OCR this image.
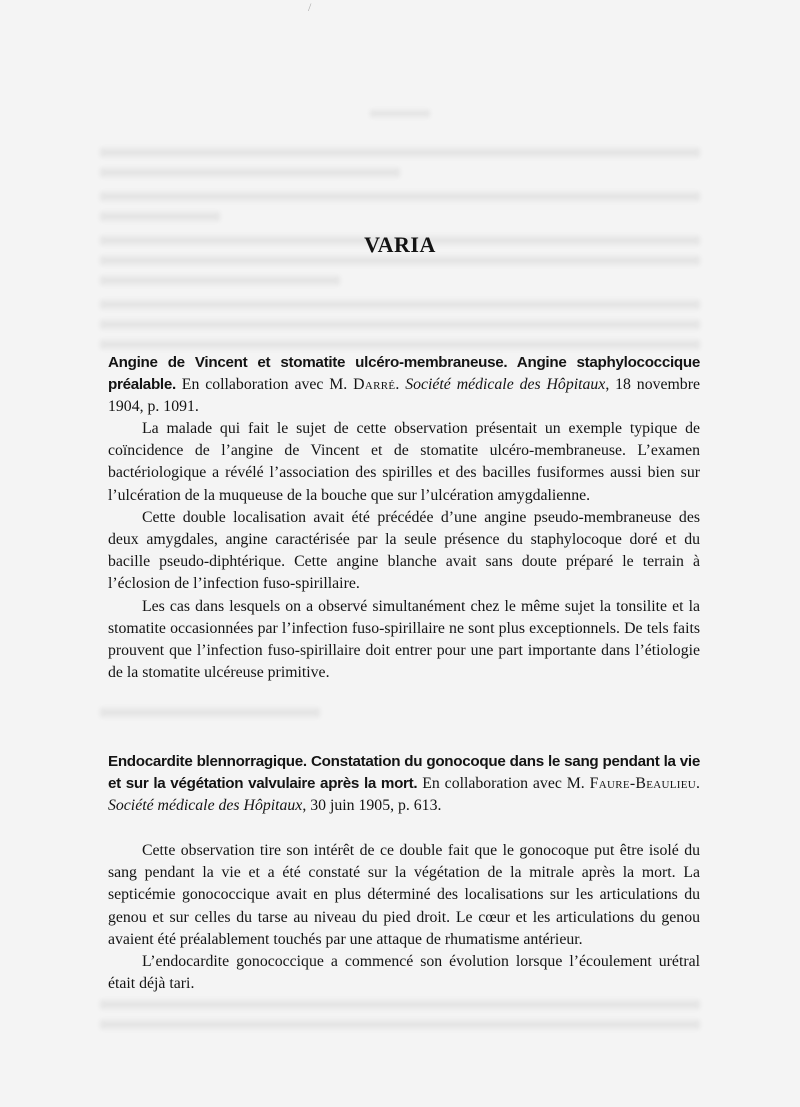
/
VARIA
Angine de Vincent et stomatite ulcéro-membraneuse. Angine staphylococcique préalable. En collaboration avec M. Darré. Société médicale des Hôpitaux, 18 novembre 1904, p. 1091.

La malade qui fait le sujet de cette observation présentait un exemple typique de coïncidence de l’angine de Vincent et de stomatite ulcéro-membraneuse. L’examen bactériologique a révélé l’association des spirilles et des bacilles fusiformes aussi bien sur l’ulcération de la muqueuse de la bouche que sur l’ulcération amygdalienne.

Cette double localisation avait été précédée d’une angine pseudo-membraneuse des deux amygdales, angine caractérisée par la seule présence du staphylocoque doré et du bacille pseudo-diphtérique. Cette angine blanche avait sans doute préparé le terrain à l’éclosion de l’infection fuso-spirillaire.

Les cas dans lesquels on a observé simultanément chez le même sujet la tonsilite et la stomatite occasionnées par l’infection fuso-spirillaire ne sont plus exceptionnels. De tels faits prouvent que l’infection fuso-spirillaire doit entrer pour une part importante dans l’étiologie de la stomatite ulcéreuse primitive.

Endocardite blennorragique. Constatation du gonocoque dans le sang pendant la vie et sur la végétation valvulaire après la mort. En collaboration avec M. Faure-Beaulieu. Société médicale des Hôpitaux, 30 juin 1905, p. 613.

Cette observation tire son intérêt de ce double fait que le gonocoque put être isolé du sang pendant la vie et a été constaté sur la végétation de la mitrale après la mort. La septicémie gonococcique avait en plus déterminé des localisations sur les articulations du genou et sur celles du tarse au niveau du pied droit. Le cœur et les articulations du genou avaient été préalablement touchés par une attaque de rhumatisme antérieur.

L’endocardite gonococcique a commencé son évolution lorsque l’écoulement urétral était déjà tari.
